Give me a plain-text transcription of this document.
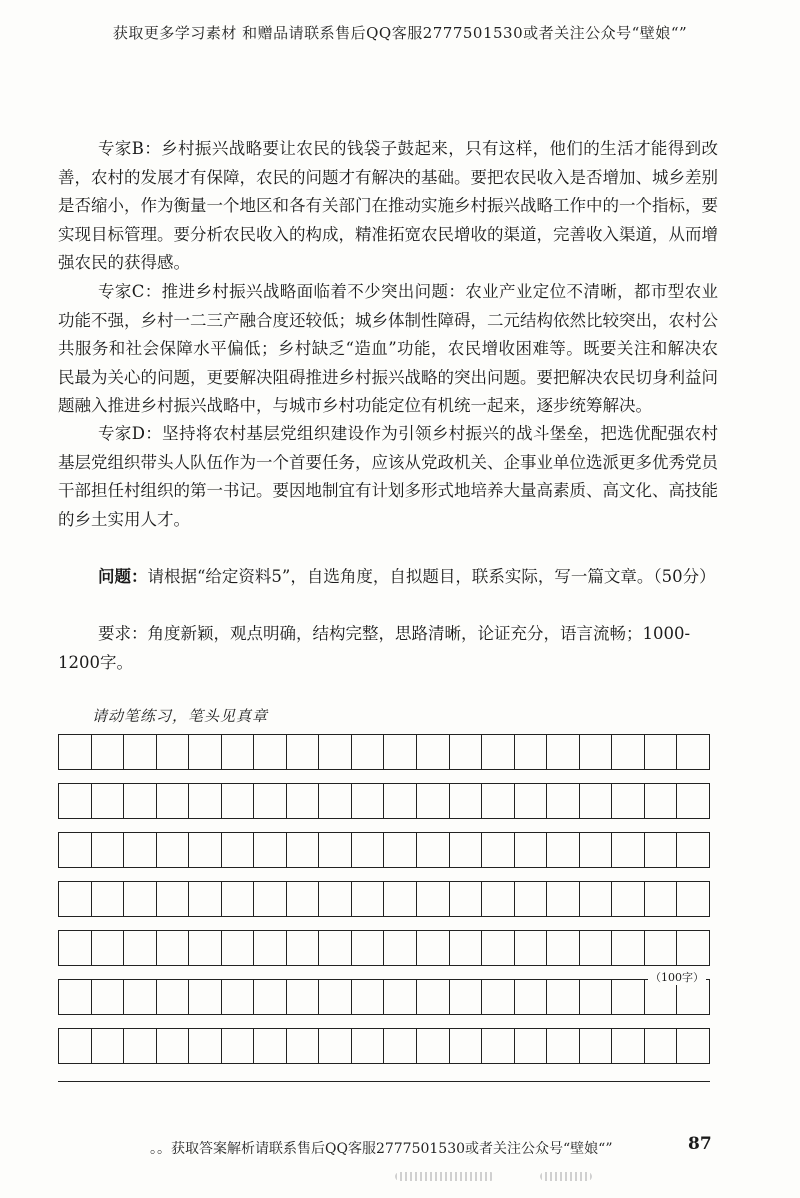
获取更多学习素材 和赠品请联系售后QQ客服2777501530或者关注公众号“壁娘“”

专家B：乡村振兴战略要让农民的钱袋子鼓起来，只有这样，他们的生活才能得到改善，农村的发展才有保障，农民的问题才有解决的基础。要把农民收入是否增加、城乡差别是否缩小，作为衡量一个地区和各有关部门在推动实施乡村振兴战略工作中的一个指标，要实现目标管理。要分析农民收入的构成，精准拓宽农民增收的渠道，完善收入渠道，从而增强农民的获得感。

专家C：推进乡村振兴战略面临着不少突出问题：农业产业定位不清晰，都市型农业功能不强，乡村一二三产融合度还较低；城乡体制性障碍，二元结构依然比较突出，农村公共服务和社会保障水平偏低；乡村缺乏“造血”功能，农民增收困难等。既要关注和解决农民最为关心的问题，更要解决阻碍推进乡村振兴战略的突出问题。要把解决农民切身利益问题融入推进乡村振兴战略中，与城市乡村功能定位有机统一起来，逐步统筹解决。

专家D：坚持将农村基层党组织建设作为引领乡村振兴的战斗堡垒，把选优配强农村基层党组织带头人队伍作为一个首要任务，应该从党政机关、企事业单位选派更多优秀党员干部担任村组织的第一书记。要因地制宜有计划多形式地培养大量高素质、高文化、高技能的乡土实用人才。

问题：请根据“给定资料5”，自选角度，自拟题目，联系实际，写一篇文章。（50分）

要求：角度新颖，观点明确，结构完整，思路清晰，论证充分，语言流畅；1000-1200字。

请动笔练习，笔头见真章
（100字）
。。获取答案解析请联系售后QQ客服2777501530或者关注公众号“壁娘“”	87
